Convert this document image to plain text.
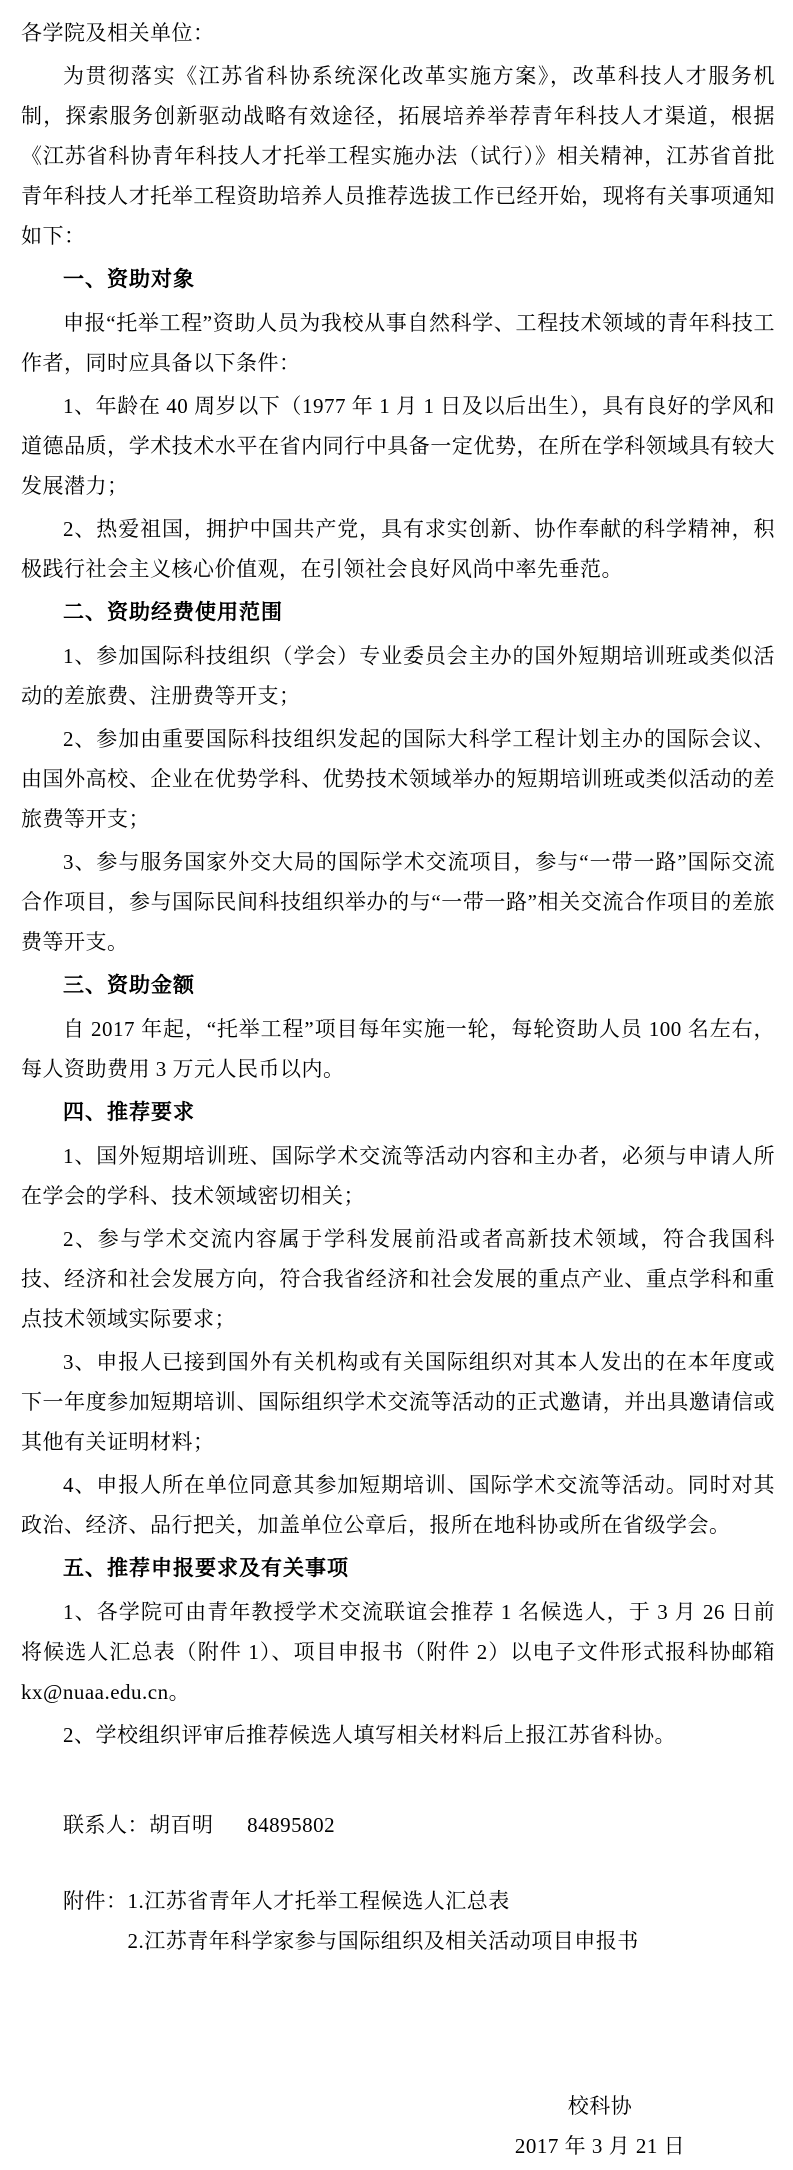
各学院及相关单位：

为贯彻落实《江苏省科协系统深化改革实施方案》，改革科技人才服务机制，探索服务创新驱动战略有效途径，拓展培养举荐青年科技人才渠道，根据《江苏省科协青年科技人才托举工程实施办法（试行）》相关精神，江苏省首批青年科技人才托举工程资助培养人员推荐选拔工作已经开始，现将有关事项通知如下：

一、资助对象

申报“托举工程”资助人员为我校从事自然科学、工程技术领域的青年科技工作者，同时应具备以下条件：

1、年龄在 40 周岁以下（1977 年 1 月 1 日及以后出生），具有良好的学风和道德品质，学术技术水平在省内同行中具备一定优势，在所在学科领域具有较大发展潜力；

2、热爱祖国，拥护中国共产党，具有求实创新、协作奉献的科学精神，积极践行社会主义核心价值观，在引领社会良好风尚中率先垂范。

二、资助经费使用范围

1、参加国际科技组织（学会）专业委员会主办的国外短期培训班或类似活动的差旅费、注册费等开支；

2、参加由重要国际科技组织发起的国际大科学工程计划主办的国际会议、由国外高校、企业在优势学科、优势技术领域举办的短期培训班或类似活动的差旅费等开支；

3、参与服务国家外交大局的国际学术交流项目，参与“一带一路”国际交流合作项目，参与国际民间科技组织举办的与“一带一路”相关交流合作项目的差旅费等开支。

三、资助金额

自 2017 年起，“托举工程”项目每年实施一轮，每轮资助人员 100 名左右，每人资助费用 3 万元人民币以内。

四、推荐要求

1、国外短期培训班、国际学术交流等活动内容和主办者，必须与申请人所在学会的学科、技术领域密切相关；

2、参与学术交流内容属于学科发展前沿或者高新技术领域，符合我国科技、经济和社会发展方向，符合我省经济和社会发展的重点产业、重点学科和重点技术领域实际要求；

3、申报人已接到国外有关机构或有关国际组织对其本人发出的在本年度或下一年度参加短期培训、国际组织学术交流等活动的正式邀请，并出具邀请信或其他有关证明材料；

4、申报人所在单位同意其参加短期培训、国际学术交流等活动。同时对其政治、经济、品行把关，加盖单位公章后，报所在地科协或所在省级学会。

五、推荐申报要求及有关事项

1、各学院可由青年教授学术交流联谊会推荐 1 名候选人，于 3 月 26 日前将候选人汇总表（附件 1）、项目申报书（附件 2）以电子文件形式报科协邮箱 kx@nuaa.edu.cn。

2、学校组织评审后推荐候选人填写相关材料后上报江苏省科协。

联系人：胡百明 84895802

附件： 1.江苏省青年人才托举工程候选人汇总表

2.江苏青年科学家参与国际组织及相关活动项目申报书

校科协
2017 年 3 月 21 日
